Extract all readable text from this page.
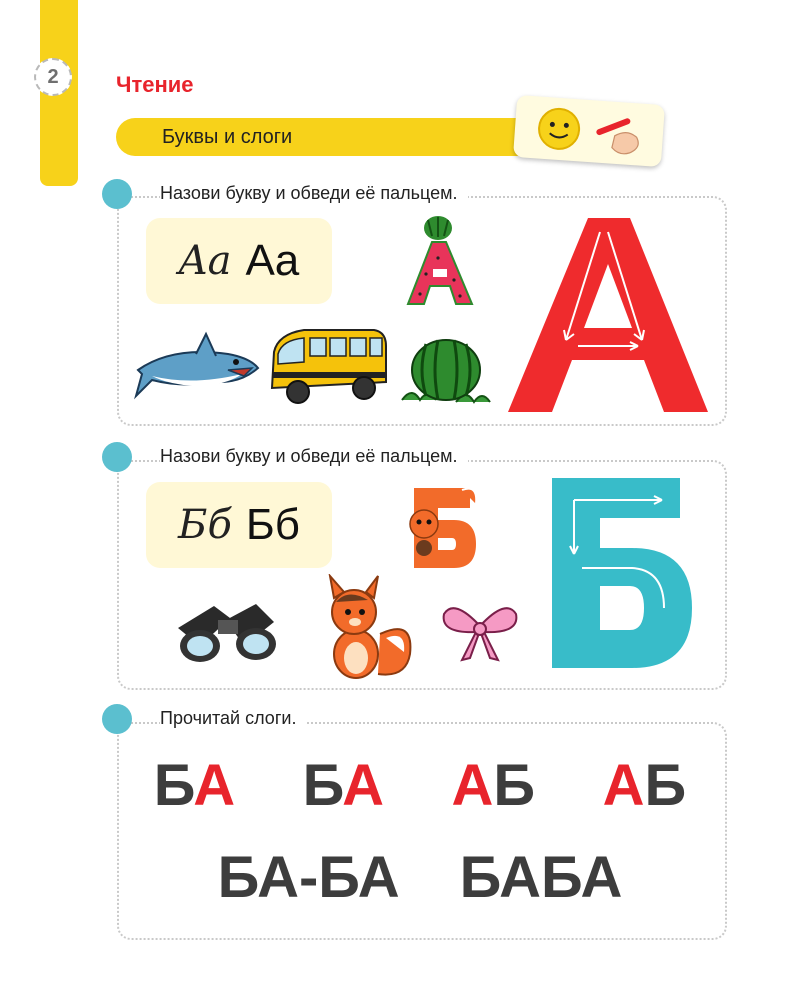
2	Чтение
Буквы и слоги
Назови букву и обведи её пальцем.
Aa Aa
Назови букву и обведи её пальцем.
Бб Бб
Прочитай слоги.
БА БА АБ АБ
БА-БА БАБА
